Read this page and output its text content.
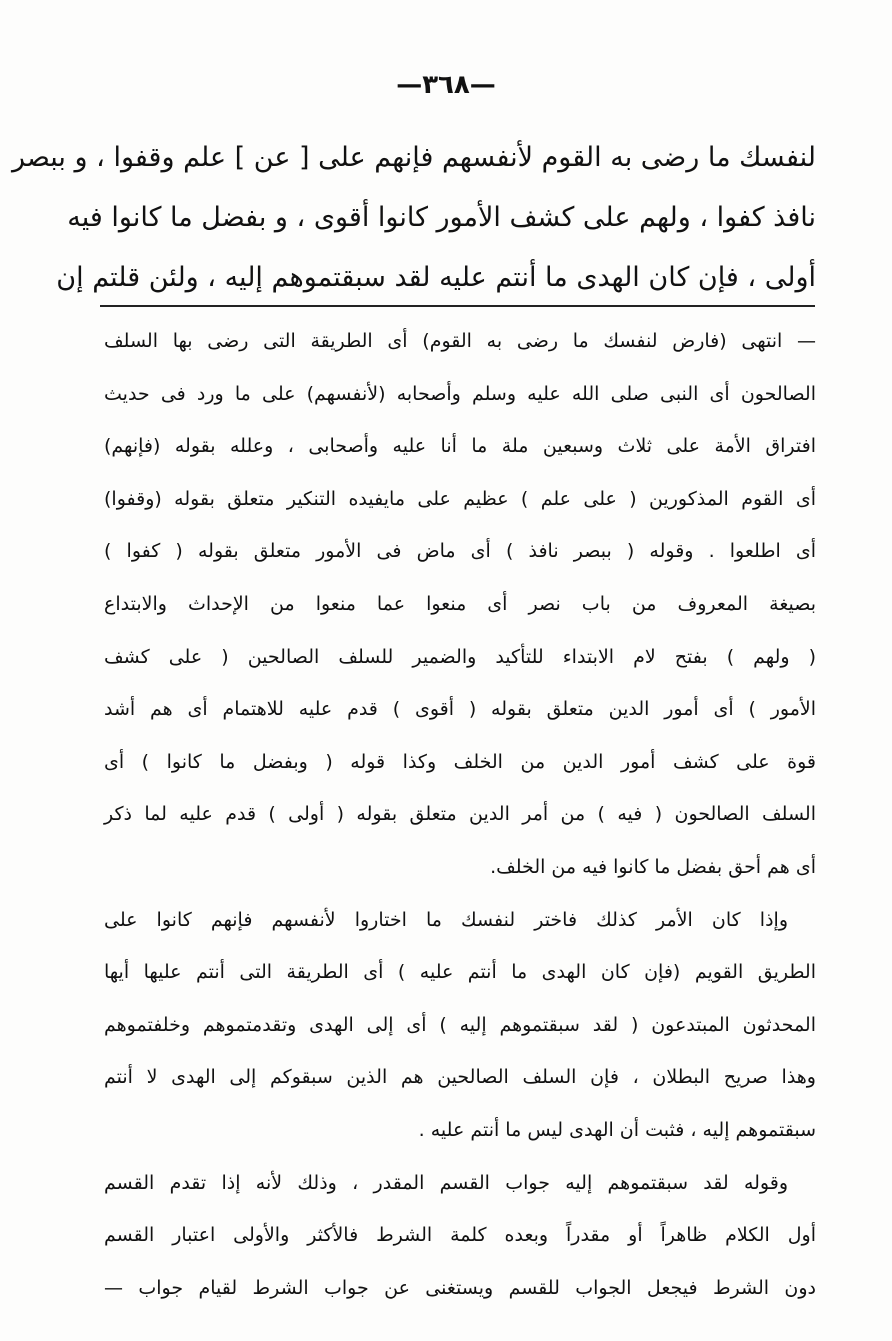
—٣٦٨—
لنفسك ما رضى به القوم لأنفسهم فإنهم على [ عن ] علم وقفوا ، و ببصر
نافذ كفوا ، ولهم على كشف الأمور كانوا أقوى ، و بفضل ما كانوا فيه
أولى ، فإن كان الهدى ما أنتم عليه لقد سبقتموهم إليه ، ولئن قلتم إن
— انتهى (فارض لنفسك ما رضى به القوم) أى الطريقة التى رضى بها السلف
الصالحون أى النبى صلى الله عليه وسلم وأصحابه (لأنفسهم) على ما ورد فى حديث
افتراق الأمة على ثلاث وسبعين ملة ما أنا عليه وأصحابى ، وعلله بقوله (فإنهم)
أى القوم المذكورين ( على علم ) عظيم على مايفيده التنكير متعلق بقوله (وقفوا)
أى اطلعوا . وقوله ( ببصر نافذ ) أى ماض فى الأمور متعلق بقوله ( كفوا )
بصيغة المعروف من باب نصر أى منعوا عما منعوا من الإحداث والابتداع
( ولهم ) بفتح لام الابتداء للتأكيد والضمير للسلف الصالحين ( على كشف
الأمور ) أى أمور الدين متعلق بقوله ( أقوى ) قدم عليه للاهتمام أى هم أشد
قوة على كشف أمور الدين من الخلف وكذا قوله ( وبفضل ما كانوا ) أى
السلف الصالحون ( فيه ) من أمر الدين متعلق بقوله ( أولى ) قدم عليه لما ذكر
أى هم أحق بفضل ما كانوا فيه من الخلف.
وإذا كان الأمر كذلك فاختر لنفسك ما اختاروا لأنفسهم فإنهم كانوا على
الطريق القويم (فإن كان الهدى ما أنتم عليه ) أى الطريقة التى أنتم عليها أيها
المحدثون المبتدعون ( لقد سبقتموهم إليه ) أى إلى الهدى وتقدمتموهم وخلفتموهم
وهذا صريح البطلان ، فإن السلف الصالحين هم الذين سبقوكم إلى الهدى لا أنتم
سبقتموهم إليه ، فثبت أن الهدى ليس ما أنتم عليه .
وقوله لقد سبقتموهم إليه جواب القسم المقدر ، وذلك لأنه إذا تقدم القسم
أول الكلام ظاهراً أو مقدراً وبعده كلمة الشرط فالأكثر والأولى اعتبار القسم
دون الشرط فيجعل الجواب للقسم ويستغنى عن جواب الشرط لقيام جواب —
